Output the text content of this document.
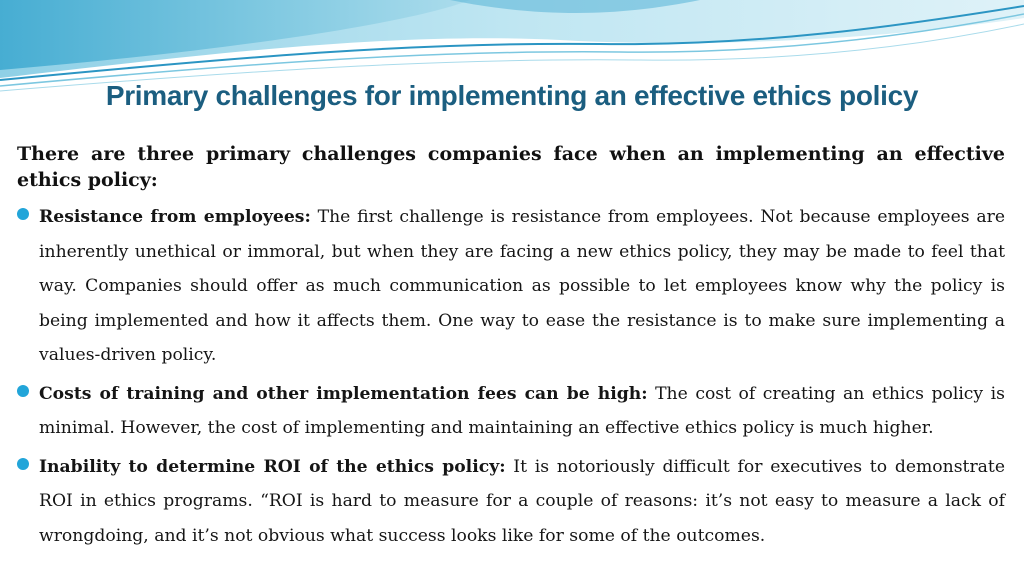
Primary challenges for implementing an effective ethics policy

There are three primary challenges companies face when an implementing an effective ethics policy:

Resistance from employees: The first challenge is resistance from employees. Not because employees are inherently unethical or immoral, but when they are facing a new ethics policy, they may be made to feel that way. Companies should offer as much communication as possible to let employees know why the policy is being implemented and how it affects them. One way to ease the resistance is to make sure implementing a values-driven policy.

Costs of training and other implementation fees can be high: The cost of creating an ethics policy is minimal. However, the cost of implementing and maintaining an effective ethics policy is much higher.

Inability to determine ROI of the ethics policy: It is notoriously difficult for executives to demonstrate ROI in ethics programs. “ROI is hard to measure for a couple of reasons: it’s not easy to measure a lack of wrongdoing, and it’s not obvious what success looks like for some of the outcomes.
